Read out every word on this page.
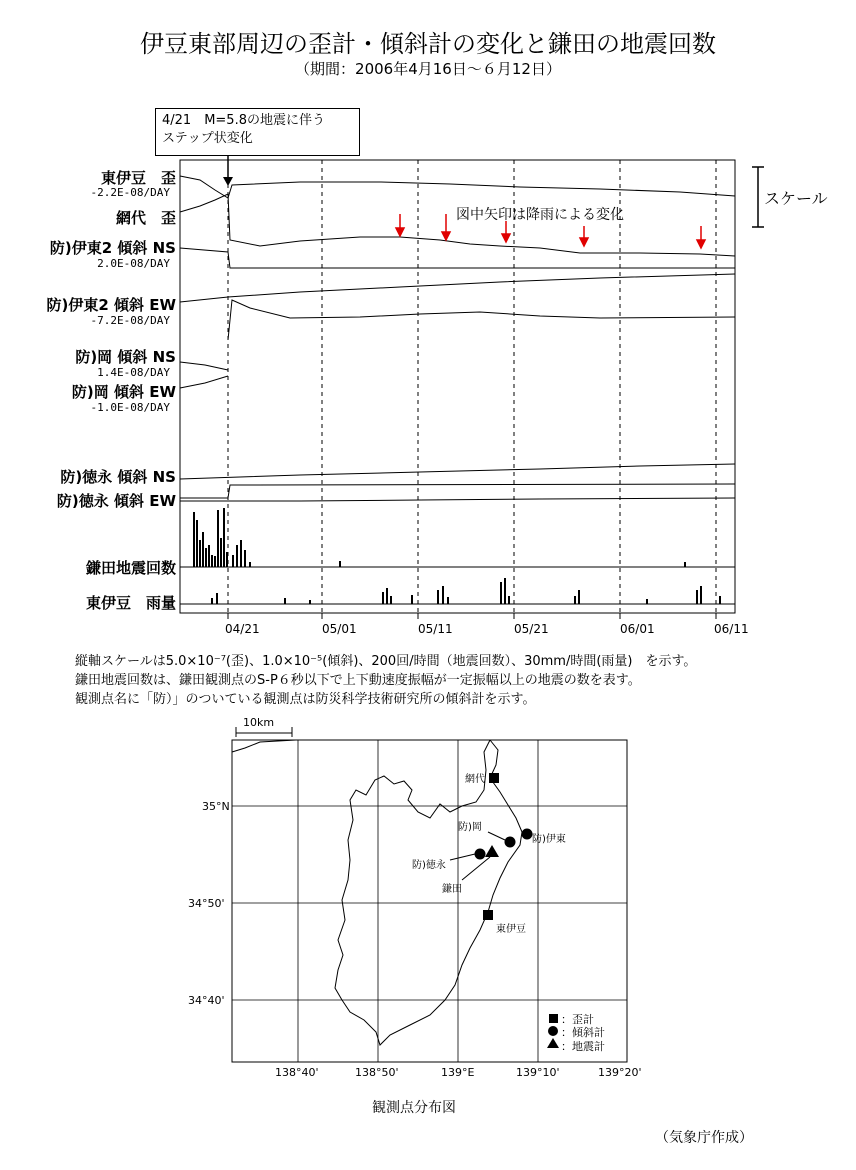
伊豆東部周辺の歪計・傾斜計の変化と鎌田の地震回数
（期間：2006年4月16日～６月12日）
4/21　M=5.8の地震に伴う
ステップ状変化
東伊豆　歪
-2.2E-08/DAY
網代　歪
防)伊東2 傾斜 NS
2.0E-08/DAY
防)伊東2 傾斜 EW
-7.2E-08/DAY
防)岡 傾斜 NS
1.4E-08/DAY
防)岡 傾斜 EW
-1.0E-08/DAY
防)徳永 傾斜 NS
防)徳永 傾斜 EW
鎌田地震回数
東伊豆　雨量
04/21	05/01	05/11	05/21	06/01	06/11
スケール
図中矢印は降雨による変化
縦軸スケールは5.0×10⁻⁷(歪)、1.0×10⁻⁵(傾斜)、200回/時間（地震回数）、30mm/時間(雨量)　を示す。
鎌田地震回数は、鎌田観測点のS-P６秒以下で上下動速度振幅が一定振幅以上の地震の数を表す。
観測点名に「防）」のついている観測点は防災科学技術研究所の傾斜計を示す。
10km
35°N
34°50'
34°40'
138°40'	138°50'	139°E	139°10'	139°20'
網代
防)岡
防)伊東
防)徳永
鎌田
東伊豆
：歪計
：傾斜計
：地震計
観測点分布図
（気象庁作成）
